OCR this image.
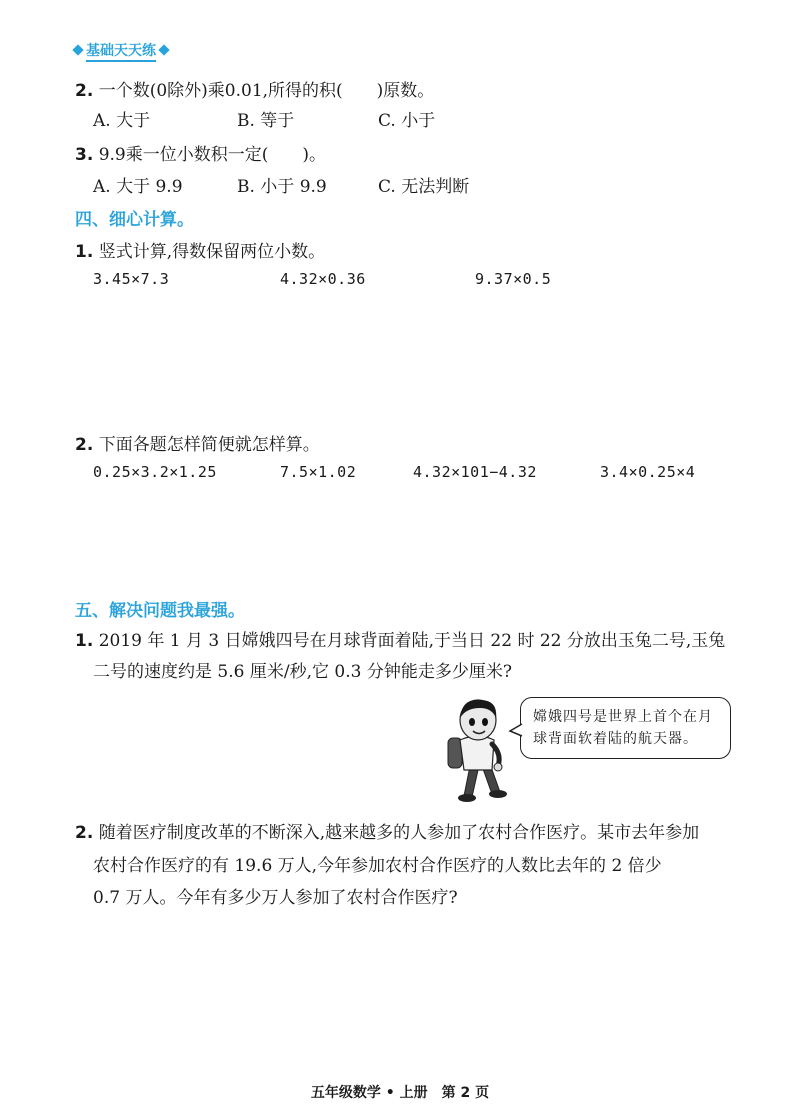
基础天天练
2. 一个数(0除外)乘0.01,所得的积(　　)原数。
A. 大于	B. 等于	C. 小于
3. 9.9乘一位小数积一定(　　)。
A. 大于 9.9	B. 小于 9.9	C. 无法判断
四、细心计算。
1. 竖式计算,得数保留两位小数。
3.45×7.3	4.32×0.36	9.37×0.5
2. 下面各题怎样简便就怎样算。
0.25×3.2×1.25	7.5×1.02	4.32×101−4.32	3.4×0.25×4
五、解决问题我最强。
1. 2019 年 1 月 3 日嫦娥四号在月球背面着陆,于当日 22 时 22 分放出玉兔二号,玉兔
二号的速度约是 5.6 厘米/秒,它 0.3 分钟能走多少厘米?
嫦娥四号是世界上首个在月球背面软着陆的航天器。
2. 随着医疗制度改革的不断深入,越来越多的人参加了农村合作医疗。某市去年参加
农村合作医疗的有 19.6 万人,今年参加农村合作医疗的人数比去年的 2 倍少
0.7 万人。今年有多少万人参加了农村合作医疗?
五年级数学 • 上册　第 2 页
